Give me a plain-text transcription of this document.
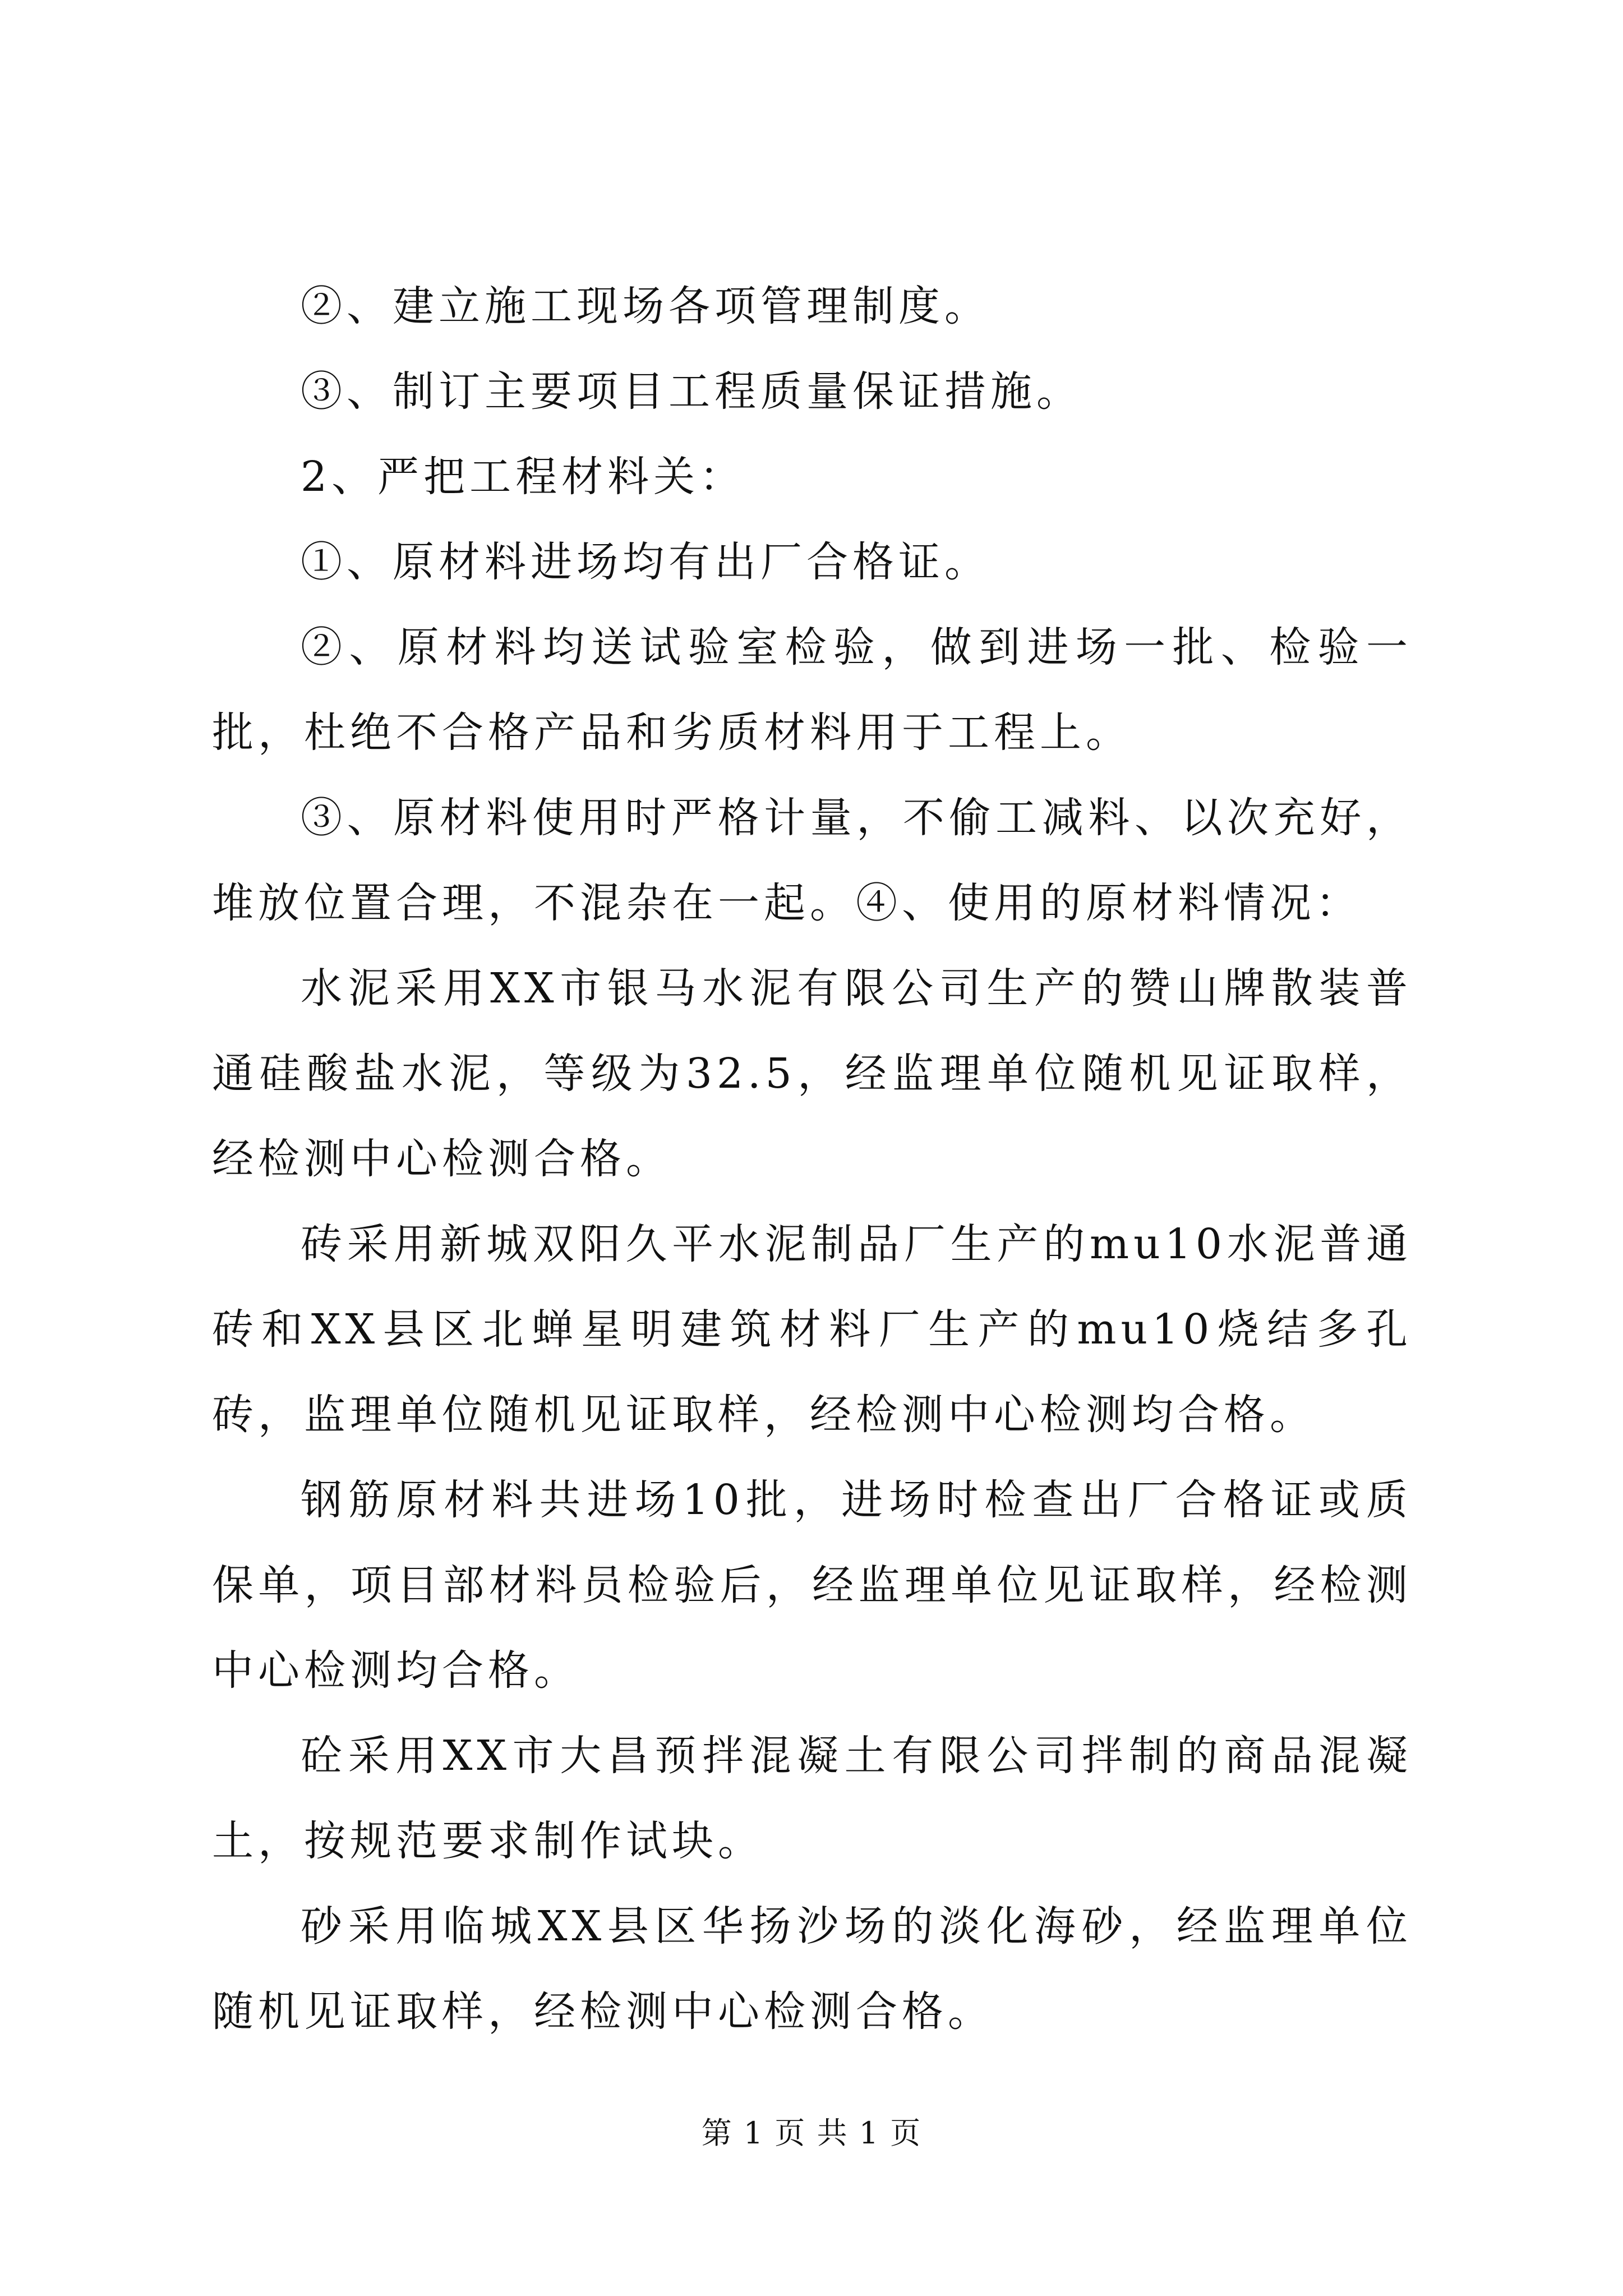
②、建立施工现场各项管理制度。

③、制订主要项目工程质量保证措施。

2、严把工程材料关：

①、原材料进场均有出厂合格证。

②、原材料均送试验室检验，做到进场一批、检验一批，杜绝不合格产品和劣质材料用于工程上。

③、原材料使用时严格计量，不偷工减料、以次充好，堆放位置合理，不混杂在一起。④、使用的原材料情况：

水泥采用XX市银马水泥有限公司生产的赞山牌散装普通硅酸盐水泥，等级为32.5，经监理单位随机见证取样，经检测中心检测合格。

砖采用新城双阳久平水泥制品厂生产的mu10水泥普通砖和XX县区北蝉星明建筑材料厂生产的mu10烧结多孔砖，监理单位随机见证取样，经检测中心检测均合格。

钢筋原材料共进场10批，进场时检查出厂合格证或质保单，项目部材料员检验后，经监理单位见证取样，经检测中心检测均合格。

砼采用XX市大昌预拌混凝土有限公司拌制的商品混凝土，按规范要求制作试块。

砂采用临城XX县区华扬沙场的淡化海砂，经监理单位随机见证取样，经检测中心检测合格。

第 1 页 共 1 页
